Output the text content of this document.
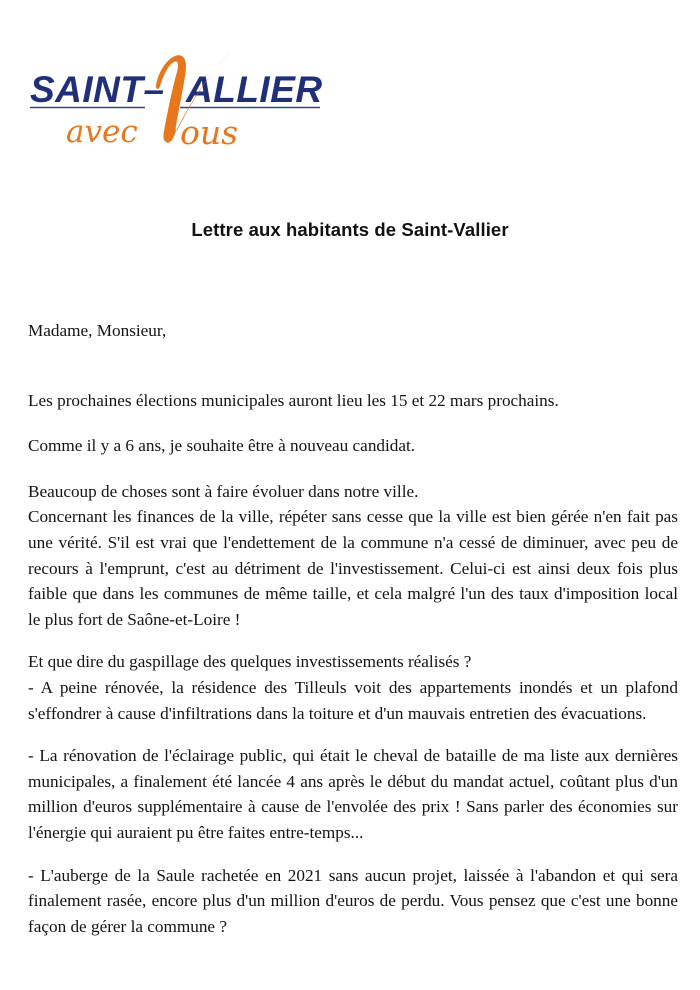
SAINT– ALLIER
avec ous
Lettre aux habitants de Saint-Vallier

Madame, Monsieur,

Les prochaines élections municipales auront lieu les 15 et 22 mars prochains.

Comme il y a 6 ans, je souhaite être à nouveau candidat.

Beaucoup de choses sont à faire évoluer dans notre ville.

Concernant les finances de la ville, répéter sans cesse que la ville est bien gérée n'en fait pas une vérité. S'il est vrai que l'endettement de la commune n'a cessé de diminuer, avec peu de recours à l'emprunt, c'est au détriment de l'investissement. Celui-ci est ainsi deux fois plus faible que dans les communes de même taille, et cela malgré l'un des taux d'imposition local le plus fort de Saône-et-Loire !

Et que dire du gaspillage des quelques investissements réalisés ?

- A peine rénovée, la résidence des Tilleuls voit des appartements inondés et un plafond s'effondrer à cause d'infiltrations dans la toiture et d'un mauvais entretien des évacuations.

- La rénovation de l'éclairage public, qui était le cheval de bataille de ma liste aux dernières municipales, a finalement été lancée 4 ans après le début du mandat actuel, coûtant plus d'un million d'euros supplémentaire à cause de l'envolée des prix ! Sans parler des économies sur l'énergie qui auraient pu être faites entre-temps...

- L'auberge de la Saule rachetée en 2021 sans aucun projet, laissée à l'abandon et qui sera finalement rasée, encore plus d'un million d'euros de perdu. Vous pensez que c'est une bonne façon de gérer la commune ?
